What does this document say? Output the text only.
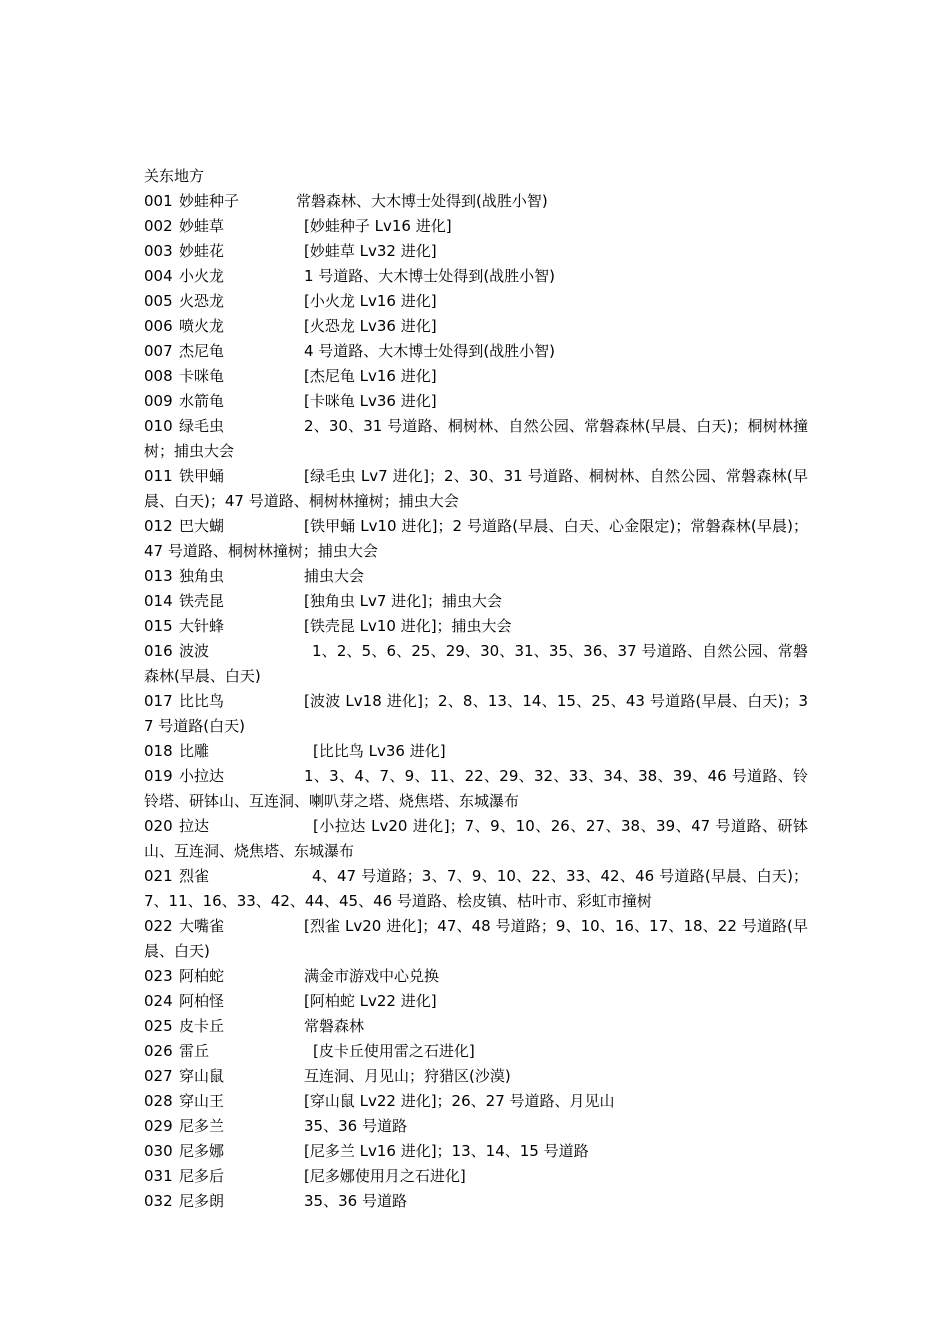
关东地方
001 妙蛙种子	常磐森林、大木博士处得到(战胜小智)
002 妙蛙草	[妙蛙种子 Lv16 进化]
003 妙蛙花	[妙蛙草 Lv32 进化]
004 小火龙	1 号道路、大木博士处得到(战胜小智)
005 火恐龙	[小火龙 Lv16 进化]
006 喷火龙	[火恐龙 Lv36 进化]
007 杰尼龟	4 号道路、大木博士处得到(战胜小智)
008 卡咪龟	[杰尼龟 Lv16 进化]
009 水箭龟	[卡咪龟 Lv36 进化]
010 绿毛虫	2、30、31 号道路、桐树林、自然公园、常磐森林(早晨、白天)；桐树林撞树；捕虫大会
011 铁甲蛹	[绿毛虫 Lv7 进化]；2、30、31 号道路、桐树林、自然公园、常磐森林(早晨、白天)；47 号道路、桐树林撞树；捕虫大会
012 巴大蝴	[铁甲蛹 Lv10 进化]；2 号道路(早晨、白天、心金限定)；常磐森林(早晨)；47 号道路、桐树林撞树；捕虫大会
013 独角虫	捕虫大会
014 铁壳昆	[独角虫 Lv7 进化]；捕虫大会
015 大针蜂	[铁壳昆 Lv10 进化]；捕虫大会
016 波波	1、2、5、6、25、29、30、31、35、36、37 号道路、自然公园、常磐森林(早晨、白天)
017 比比鸟	[波波 Lv18 进化]；2、8、13、14、15、25、43 号道路(早晨、白天)；37 号道路(白天)
018 比雕	[比比鸟 Lv36 进化]
019 小拉达	1、3、4、7、9、11、22、29、32、33、34、38、39、46 号道路、铃铃塔、研钵山、互连洞、喇叭芽之塔、烧焦塔、东城瀑布
020 拉达	[小拉达 Lv20 进化]；7、9、10、26、27、38、39、47 号道路、研钵山、互连洞、烧焦塔、东城瀑布
021 烈雀	4、47 号道路；3、7、9、10、22、33、42、46 号道路(早晨、白天)；7、11、16、33、42、44、45、46 号道路、桧皮镇、枯叶市、彩虹市撞树
022 大嘴雀	[烈雀 Lv20 进化]；47、48 号道路；9、10、16、17、18、22 号道路(早晨、白天)
023 阿柏蛇	满金市游戏中心兑换
024 阿柏怪	[阿柏蛇 Lv22 进化]
025 皮卡丘	常磐森林
026 雷丘	[皮卡丘使用雷之石进化]
027 穿山鼠	互连洞、月见山；狩猎区(沙漠)
028 穿山王	[穿山鼠 Lv22 进化]；26、27 号道路、月见山
029 尼多兰	35、36 号道路
030 尼多娜	[尼多兰 Lv16 进化]；13、14、15 号道路
031 尼多后	[尼多娜使用月之石进化]
032 尼多朗	35、36 号道路
